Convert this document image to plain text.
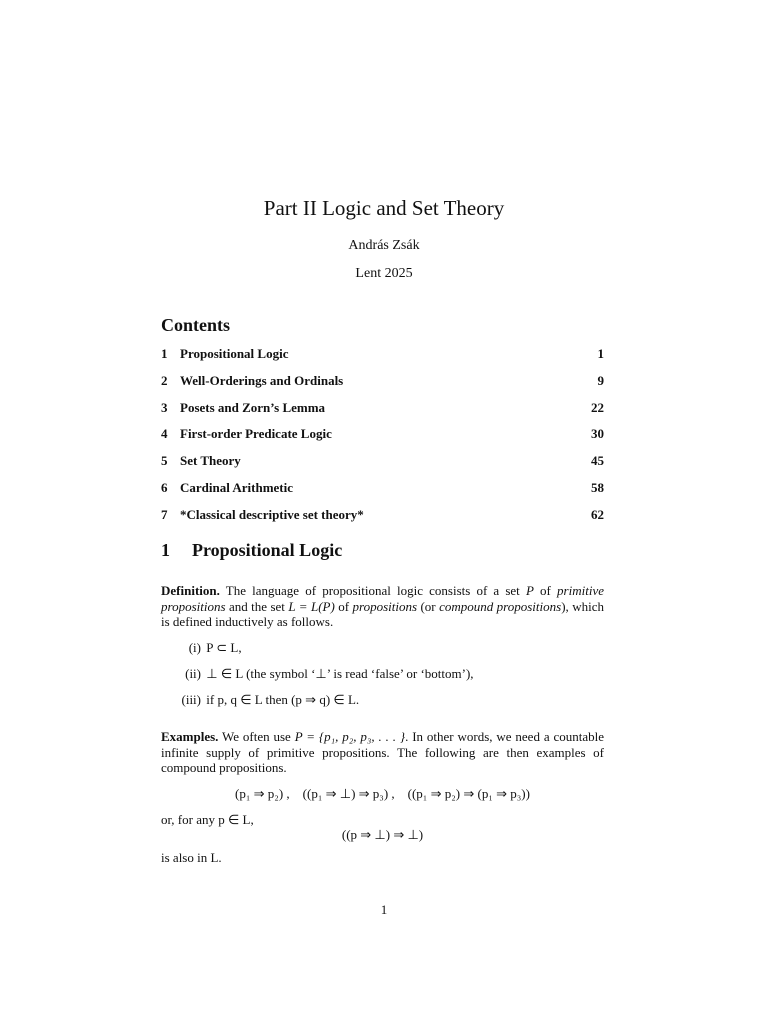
Part II Logic and Set Theory
András Zsák
Lent 2025
Contents
1 Propositional Logic	1
2 Well-Orderings and Ordinals	9
3 Posets and Zorn’s Lemma	22
4 First-order Predicate Logic	30
5 Set Theory	45
6 Cardinal Arithmetic	58
7 *Classical descriptive set theory*	62
1 Propositional Logic
Definition. The language of propositional logic consists of a set P of primitive propositions and the set L = L(P) of propositions (or compound propositions), which is defined inductively as follows.
(i) P ⊂ L,
(ii) ⊥ ∈ L (the symbol ‘⊥’ is read ‘false’ or ‘bottom’),
(iii) if p, q ∈ L then (p ⇒ q) ∈ L.
Examples. We often use P = {p₁, p₂, p₃, . . . }. In other words, we need a countable infinite supply of primitive propositions. The following are then examples of compound propositions.
(p₁ ⇒ p₂) ,    ((p₁ ⇒ ⊥) ⇒ p₃) ,    ((p₁ ⇒ p₂) ⇒ (p₁ ⇒ p₃))
or, for any p ∈ L,
((p ⇒ ⊥) ⇒ ⊥)
is also in L.
1
